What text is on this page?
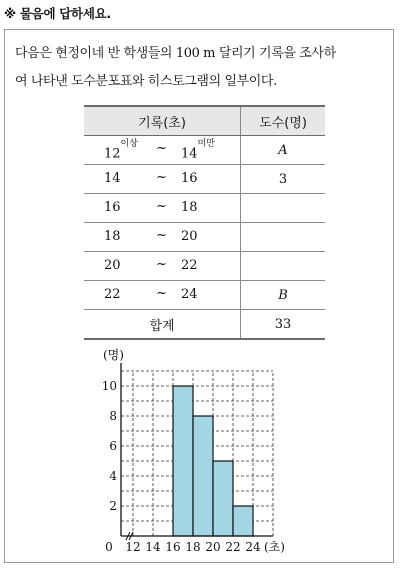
※ 물음에 답하세요.
다음은 현정이네 반 학생들의 100 m 달리기 기록을 조사하
여 나타낸 도수분포표와 히스토그램의 일부이다.
기록(초)	도수(명)

$12^{이상}$ ~ $14^{미만}$	A

14 ~ 16	3

16 ~ 18	

18 ~ 20	

20 ~ 22	

22 ~ 24	B
합계	33
2
4
6
8
10
0 12 14 16 18 20 22 24
(명)
(초)
